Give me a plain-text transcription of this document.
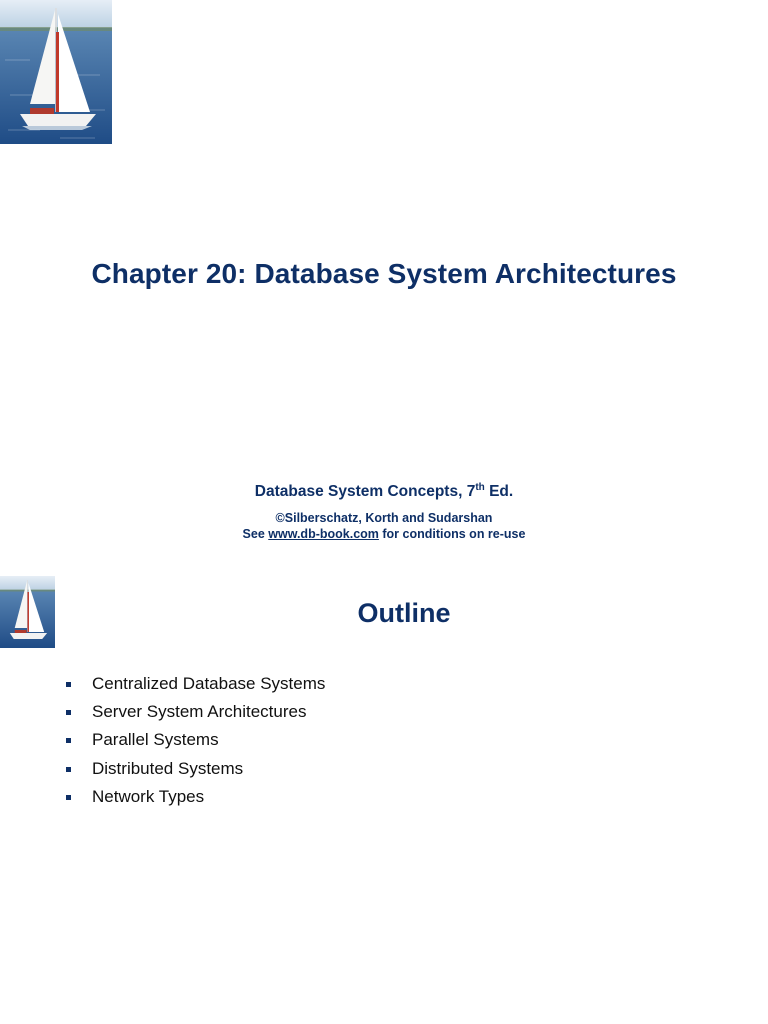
Chapter 20: Database System Architectures
Database System Concepts, 7th Ed.
©Silberschatz, Korth and Sudarshan
See www.db-book.com for conditions on re-use
Outline
Centralized Database Systems
Server System Architectures
Parallel Systems
Distributed Systems
Network Types
